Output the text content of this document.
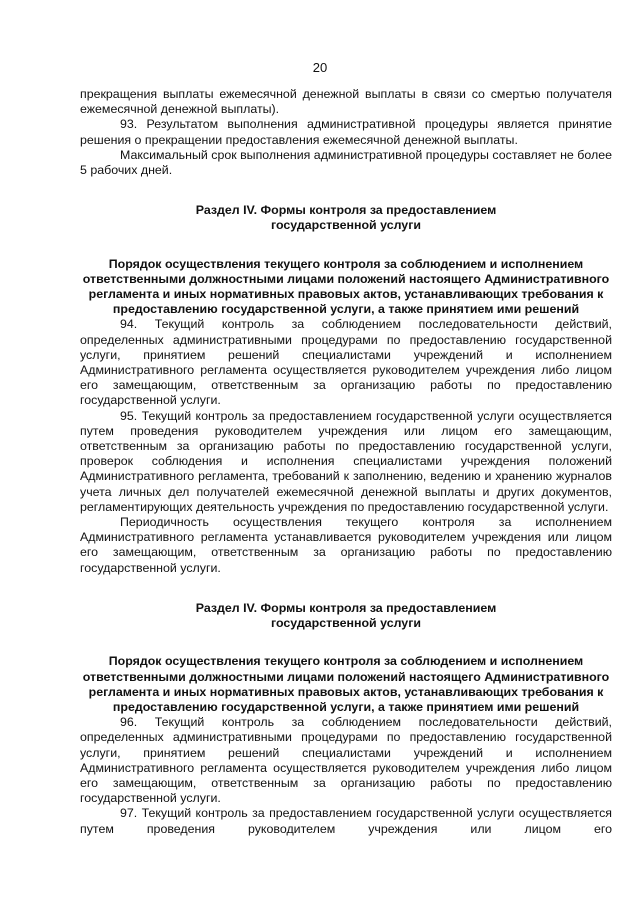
20

прекращения выплаты ежемесячной денежной выплаты в связи со смертью получателя ежемесячной денежной выплаты).

93. Результатом выполнения административной процедуры является принятие решения о прекращении предоставления ежемесячной денежной выплаты.

Максимальный срок выполнения административной процедуры составляет не более 5 рабочих дней.

Раздел IV. Формы контроля за предоставлением государственной услуги

Порядок осуществления текущего контроля за соблюдением и исполнением ответственными должностными лицами положений настоящего Административного регламента и иных нормативных правовых актов, устанавливающих требования к предоставлению государственной услуги, а также принятием ими решений

94. Текущий контроль за соблюдением последовательности действий, определенных административными процедурами по предоставлению государственной услуги, принятием решений специалистами учреждений и исполнением Административного регламента осуществляется руководителем учреждения либо лицом его замещающим, ответственным за организацию работы по предоставлению государственной услуги.

95. Текущий контроль за предоставлением государственной услуги осуществляется путем проведения руководителем учреждения или лицом его замещающим, ответственным за организацию работы по предоставлению государственной услуги, проверок соблюдения и исполнения специалистами учреждения положений Административного регламента, требований к заполнению, ведению и хранению журналов учета личных дел получателей ежемесячной денежной выплаты и других документов, регламентирующих деятельность учреждения по предоставлению государственной услуги.

Периодичность осуществления текущего контроля за исполнением Административного регламента устанавливается руководителем учреждения или лицом его замещающим, ответственным за организацию работы по предоставлению государственной услуги.

Раздел IV. Формы контроля за предоставлением государственной услуги

Порядок осуществления текущего контроля за соблюдением и исполнением ответственными должностными лицами положений настоящего Административного регламента и иных нормативных правовых актов, устанавливающих требования к предоставлению государственной услуги, а также принятием ими решений

96. Текущий контроль за соблюдением последовательности действий, определенных административными процедурами по предоставлению государственной услуги, принятием решений специалистами учреждений и исполнением Административного регламента осуществляется руководителем учреждения либо лицом его замещающим, ответственным за организацию работы по предоставлению государственной услуги.

97. Текущий контроль за предоставлением государственной услуги осуществляется путем проведения руководителем учреждения или лицом его
